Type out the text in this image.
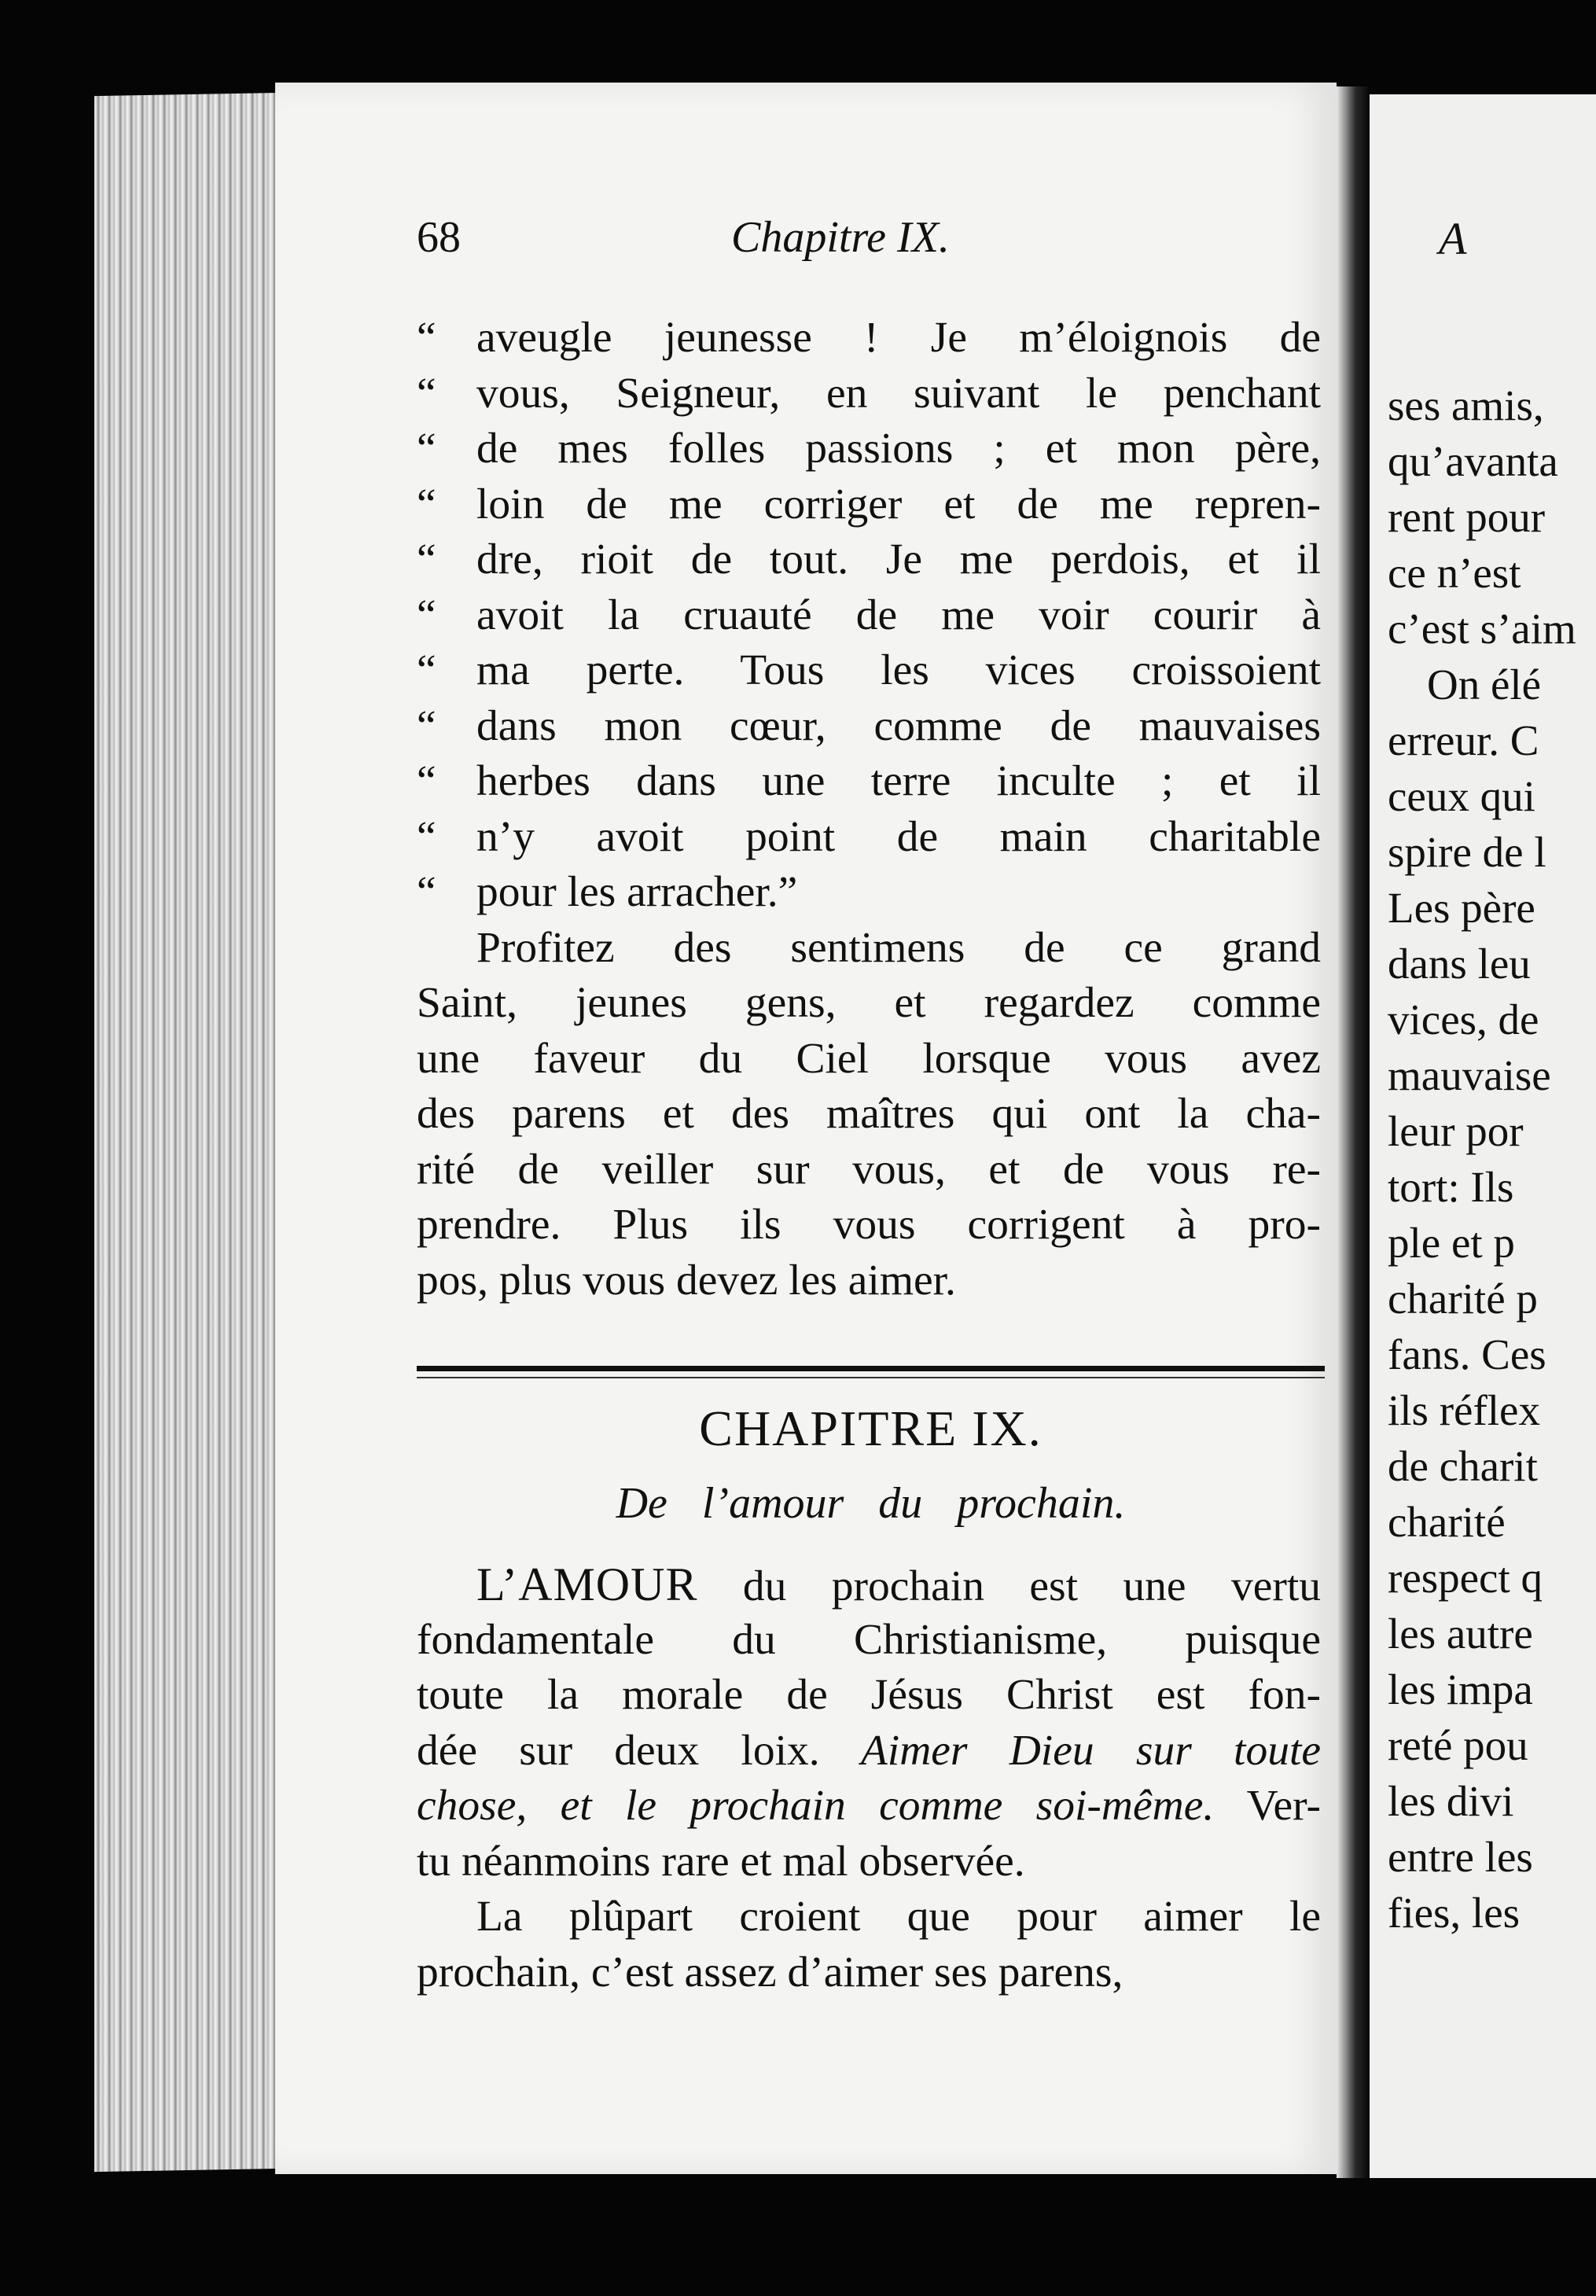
68	Chapitre IX.
“ aveugle jeunesse ! Je m’éloignois de
“ vous, Seigneur, en suivant le penchant
“ de mes folles passions ; et mon père,
“ loin de me corriger et de me repren-
“ dre, rioit de tout. Je me perdois, et il
“ avoit la cruauté de me voir courir à
“ ma perte. Tous les vices croissoient
“ dans mon cœur, comme de mauvaises
“ herbes dans une terre inculte ; et il
“ n’y avoit point de main charitable
“ pour les arracher.”
Profitez des sentimens de ce grand
Saint, jeunes gens, et regardez comme
une faveur du Ciel lorsque vous avez
des parens et des maîtres qui ont la cha-
rité de veiller sur vous, et de vous re-
prendre. Plus ils vous corrigent à pro-
pos, plus vous devez les aimer.
CHAPITRE IX.
De l’amour du prochain.
L’AMOUR du prochain est une vertu
fondamentale du Christianisme, puisque
toute la morale de Jésus Christ est fon-
dée sur deux loix. Aimer Dieu sur toute
chose, et le prochain comme soi-même. Ver-
tu néanmoins rare et mal observée.
La plûpart croient que pour aimer le
prochain, c’est assez d’aimer ses parens,
A
ses amis,
qu’avanta
rent pour
ce n’est
c’est s’aim
On élé
erreur. C
ceux qui
spire de l
Les père
dans leu
vices, de
mauvaise
leur por
tort: Ils
ple et p
charité p
fans. Ces
ils réflex
de charit
charité
respect q
les autre
les impa
reté pou
les divi
entre les
fies, les
